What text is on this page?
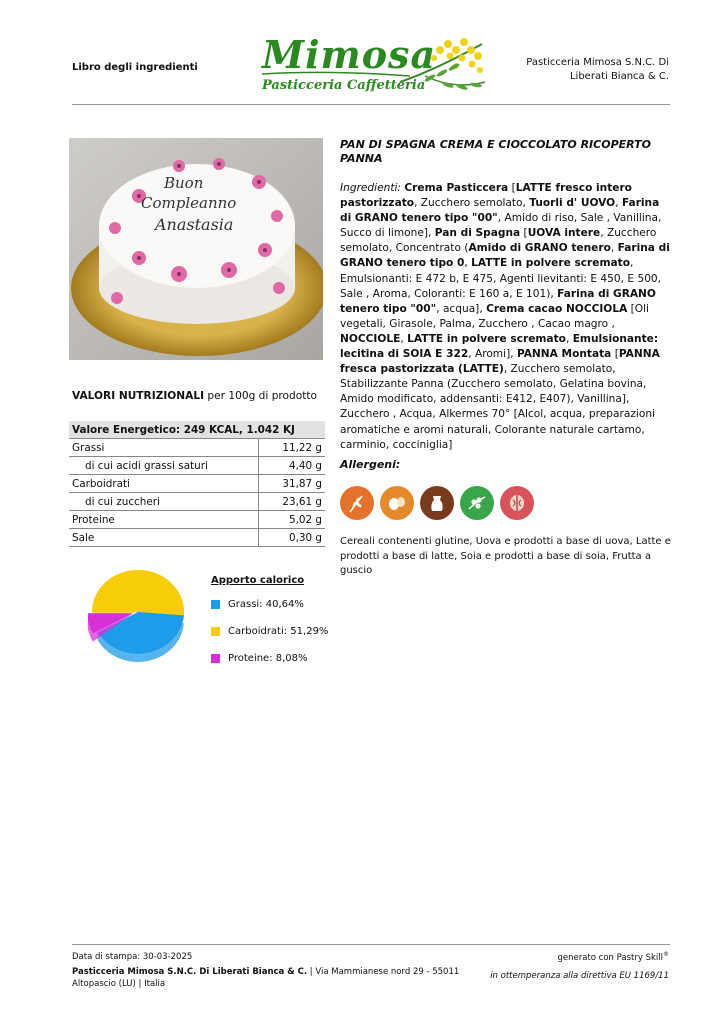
Libro degli ingredienti Mimosa
Pasticceria Caffetteria
Pasticceria Mimosa S.N.C. Di
Liberati Bianca & C.
Buon
Compleanno
Anastasia
PAN DI SPAGNA CREMA E CIOCCOLATO RICOPERTO PANNA
Ingredienti: Crema Pasticcera [LATTE fresco intero pastorizzato, Zucchero semolato, Tuorli d' UOVO, Farina di GRANO tenero tipo "00", Amido di riso, Sale , Vanillina, Succo di limone], Pan di Spagna [UOVA intere, Zucchero semolato, Concentrato (Amido di GRANO tenero, Farina di GRANO tenero tipo 0, LATTE in polvere scremato, Emulsionanti: E 472 b, E 475, Agenti lievitanti: E 450, E 500, Sale , Aroma, Coloranti: E 160 a, E 101), Farina di GRANO tenero tipo "00", acqua], Crema cacao NOCCIOLA [Oli vegetali, Girasole, Palma, Zucchero , Cacao magro , NOCCIOLE, LATTE in polvere scremato, Emulsionante: lecitina di SOIA E 322, Aromi], PANNA Montata [PANNA fresca pastorizzata (LATTE), Zucchero semolato, Stabilizzante Panna (Zucchero semolato, Gelatina bovina, Amido modificato, addensanti: E412, E407), Vanillina], Zucchero , Acqua, Alkermes 70° [Alcol, acqua, preparazioni aromatiche e aromi naturali, Colorante naturale cartamo, carminio, cocciniglia]
Allergeni:
Cereali contenenti glutine, Uova e prodotti a base di uova, Latte e prodotti a base di latte, Soia e prodotti a base di soia, Frutta a guscio
VALORI NUTRIZIONALI per 100g di prodotto
Valore Energetico: 249 KCAL, 1.042 KJ	
Grassi	11,22 g
di cui acidi grassi saturi	4,40 g
Carboidrati	31,87 g
di cui zuccheri	23,61 g
Proteine	5,02 g
Sale	0,30 g
Apporto calorico
Grassi: 40,64%
Carboidrati: 51,29%
Proteine: 8,08%
Data di stampa: 30-03-2025	generato con Pastry Skill®
Pasticceria Mimosa S.N.C. Di Liberati Bianca & C. | Via Mammianese nord 29 - 55011 Altopascio (LU) | Italia
in ottemperanza alla direttiva EU 1169/11
